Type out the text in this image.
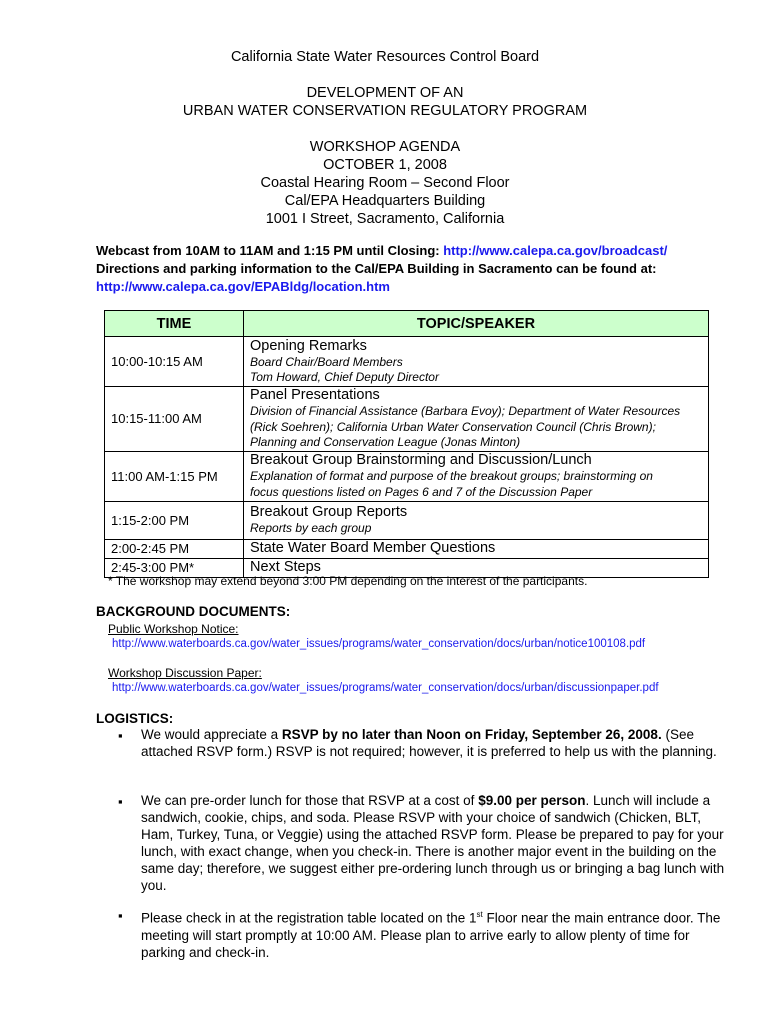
California State Water Resources Control Board
DEVELOPMENT OF AN
URBAN WATER CONSERVATION REGULATORY PROGRAM
WORKSHOP AGENDA
OCTOBER 1, 2008
Coastal Hearing Room – Second Floor
Cal/EPA Headquarters Building
1001 I Street, Sacramento, California
Webcast from 10AM to 11AM and 1:15 PM until Closing: http://www.calepa.ca.gov/broadcast/
Directions and parking information to the Cal/EPA Building in Sacramento can be found at:
http://www.calepa.ca.gov/EPABldg/location.htm
TIME	TOPIC/SPEAKER
10:00-10:15 AM	Opening Remarks
Board Chair/Board Members
Tom Howard, Chief Deputy Director

10:15-11:00 AM	Panel Presentations
Division of Financial Assistance (Barbara Evoy); Department of Water Resources
(Rick Soehren); California Urban Water Conservation Council (Chris Brown);
Planning and Conservation League (Jonas Minton)

11:00 AM-1:15 PM	Breakout Group Brainstorming and Discussion/Lunch
Explanation of format and purpose of the breakout groups; brainstorming on
focus questions listed on Pages 6 and 7 of the Discussion Paper

1:15-2:00 PM	Breakout Group Reports
Reports by each group

2:00-2:45 PM	State Water Board Member Questions

2:45-3:00 PM*	Next Steps
* The workshop may extend beyond 3:00 PM depending on the interest of the participants.
BACKGROUND DOCUMENTS:
Public Workshop Notice:
http://www.waterboards.ca.gov/water_issues/programs/water_conservation/docs/urban/notice100108.pdf
Workshop Discussion Paper:
http://www.waterboards.ca.gov/water_issues/programs/water_conservation/docs/urban/discussionpaper.pdf
LOGISTICS:
▪ We would appreciate a RSVP by no later than Noon on Friday, September 26, 2008. (See attached RSVP form.) RSVP is not required; however, it is preferred to help us with the planning.
▪ We can pre-order lunch for those that RSVP at a cost of $9.00 per person. Lunch will include a sandwich, cookie, chips, and soda. Please RSVP with your choice of sandwich (Chicken, BLT, Ham, Turkey, Tuna, or Veggie) using the attached RSVP form. Please be prepared to pay for your lunch, with exact change, when you check-in. There is another major event in the building on the same day; therefore, we suggest either pre-ordering lunch through us or bringing a bag lunch with you.
▪ Please check in at the registration table located on the 1st Floor near the main entrance door. The meeting will start promptly at 10:00 AM. Please plan to arrive early to allow plenty of time for parking and check-in.
